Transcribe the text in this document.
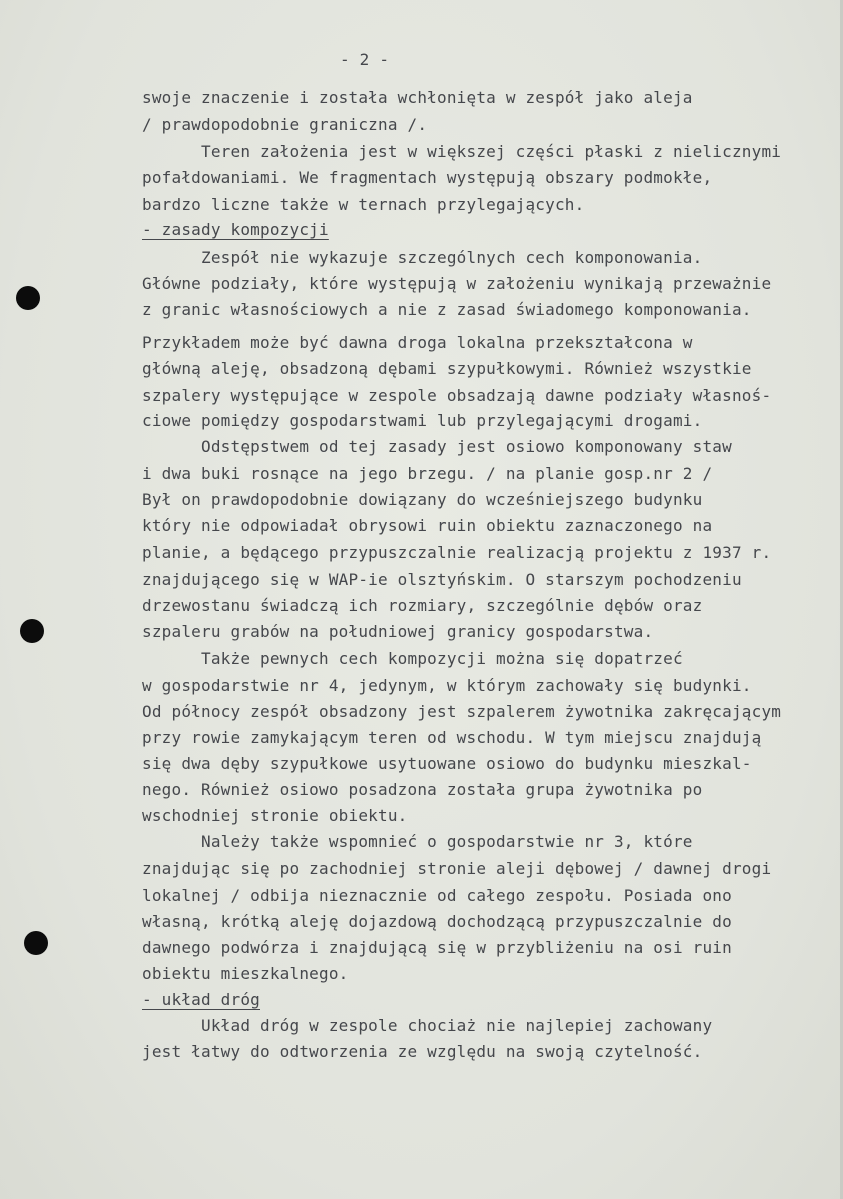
- 2 -
swoje znaczenie i została wchłonięta w zespół jako aleja
/ prawdopodobnie graniczna /.
Teren założenia jest w większej części płaski z nielicznymi
pofałdowaniami. We fragmentach występują obszary podmokłe,
bardzo liczne także w ternach przylegających.
- zasady kompozycji
Zespół nie wykazuje szczególnych cech komponowania.
Główne podziały, które występują w założeniu wynikają przeważnie
z granic własnościowych a nie z zasad świadomego komponowania.
Przykładem może być dawna droga lokalna przekształcona w
główną aleję, obsadzoną dębami szypułkowymi. Również wszystkie
szpalery występujące w zespole obsadzają dawne podziały własnoś-
ciowe pomiędzy gospodarstwami lub przylegającymi drogami.
Odstępstwem od tej zasady jest osiowo komponowany staw
i dwa buki rosnące na jego brzegu. / na planie gosp.nr 2 /
Był on prawdopodobnie dowiązany do wcześniejszego budynku
który nie odpowiadał obrysowi ruin obiektu zaznaczonego na
planie, a będącego przypuszczalnie realizacją projektu z 1937 r.
znajdującego się w WAP-ie olsztyńskim. O starszym pochodzeniu
drzewostanu świadczą ich rozmiary, szczególnie dębów oraz
szpaleru grabów na południowej granicy gospodarstwa.
Także pewnych cech kompozycji można się dopatrzeć
w gospodarstwie nr 4, jedynym, w którym zachowały się budynki.
Od północy zespół obsadzony jest szpalerem żywotnika zakręcającym
przy rowie zamykającym teren od wschodu. W tym miejscu znajdują
się dwa dęby szypułkowe usytuowane osiowo do budynku mieszkal-
nego. Również osiowo posadzona została grupa żywotnika po
wschodniej stronie obiektu.
Należy także wspomnieć o gospodarstwie nr 3, które
znajdując się po zachodniej stronie alejі dębowej / dawnej drogi
lokalnej / odbija nieznacznie od całego zespołu. Posiada ono
własną, krótką aleję dojazdową dochodzącą przypuszczalnie do
dawnego podwórza i znajdującą się w przybliżeniu na osi ruin
obiektu mieszkalnego.
- układ dróg
Układ dróg w zespole chociaż nie najlepiej zachowany
jest łatwy do odtworzenia ze względu na swoją czytelność.
